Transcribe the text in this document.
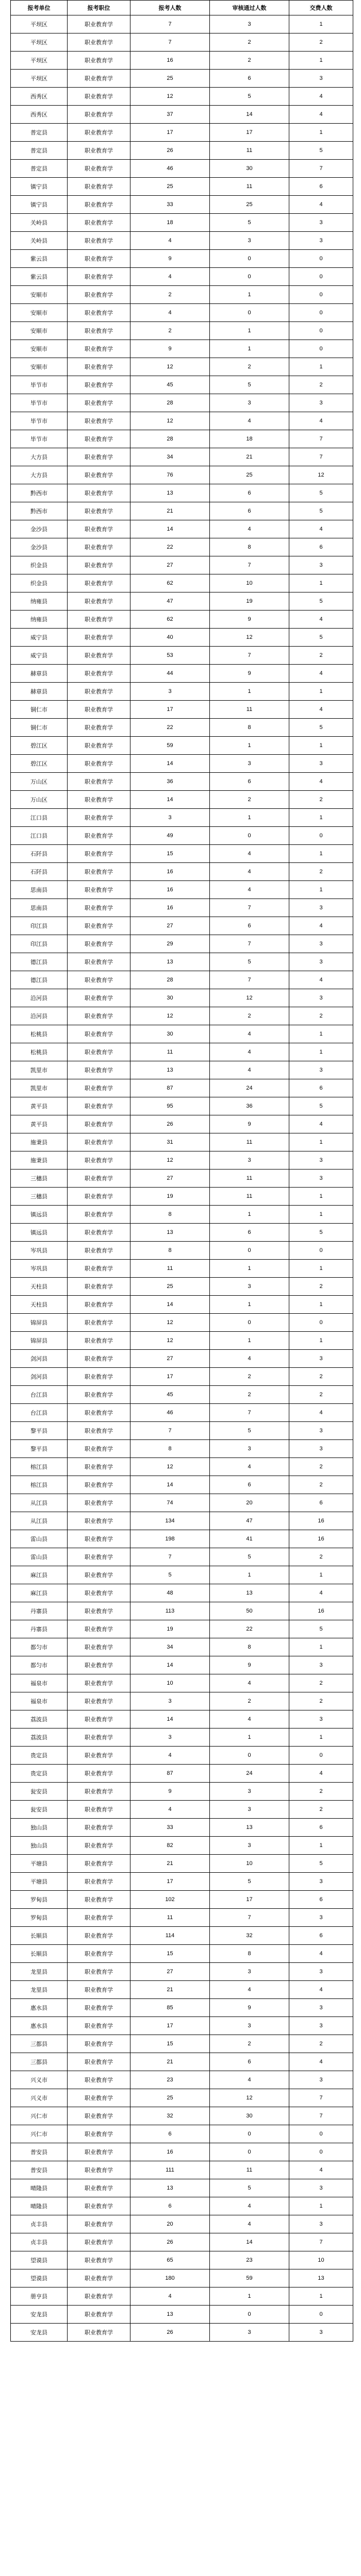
报考单位	报考职位	报考人数	审核通过人数	交费人数
平坝区	职业教育学	7	3	1
平坝区	职业教育学	7	2	2
平坝区	职业教育学	16	2	1
平坝区	职业教育学	25	6	3
西秀区	职业教育学	12	5	4
西秀区	职业教育学	37	14	4
普定县	职业教育学	17	17	1
普定县	职业教育学	26	11	5
普定县	职业教育学	46	30	7
镇宁县	职业教育学	25	11	6
镇宁县	职业教育学	33	25	4
关岭县	职业教育学	18	5	3
关岭县	职业教育学	4	3	3
紫云县	职业教育学	9	0	0
紫云县	职业教育学	4	0	0
安顺市	职业教育学	2	1	0
安顺市	职业教育学	4	0	0
安顺市	职业教育学	2	1	0
安顺市	职业教育学	9	1	0
安顺市	职业教育学	12	2	1
毕节市	职业教育学	45	5	2
毕节市	职业教育学	28	3	3
毕节市	职业教育学	12	4	4
毕节市	职业教育学	28	18	7
大方县	职业教育学	34	21	7
大方县	职业教育学	76	25	12
黔西市	职业教育学	13	6	5
黔西市	职业教育学	21	6	5
金沙县	职业教育学	14	4	4
金沙县	职业教育学	22	8	6
织金县	职业教育学	27	7	3
织金县	职业教育学	62	10	1
纳雍县	职业教育学	47	19	5
纳雍县	职业教育学	62	9	4
威宁县	职业教育学	40	12	5
威宁县	职业教育学	53	7	2
赫章县	职业教育学	44	9	4
赫章县	职业教育学	3	1	1
铜仁市	职业教育学	17	11	4
铜仁市	职业教育学	22	8	5
碧江区	职业教育学	59	1	1
碧江区	职业教育学	14	3	3
万山区	职业教育学	36	6	4
万山区	职业教育学	14	2	2
江口县	职业教育学	3	1	1
江口县	职业教育学	49	0	0
石阡县	职业教育学	15	4	1
石阡县	职业教育学	16	4	2
思南县	职业教育学	16	4	1
思南县	职业教育学	16	7	3
印江县	职业教育学	27	6	4
印江县	职业教育学	29	7	3
德江县	职业教育学	13	5	3
德江县	职业教育学	28	7	4
沿河县	职业教育学	30	12	3
沿河县	职业教育学	12	2	2
松桃县	职业教育学	30	4	1
松桃县	职业教育学	11	4	1
凯里市	职业教育学	13	4	3
凯里市	职业教育学	87	24	6
黄平县	职业教育学	95	36	5
黄平县	职业教育学	26	9	4
施秉县	职业教育学	31	11	1
施秉县	职业教育学	12	3	3
三穗县	职业教育学	27	11	3
三穗县	职业教育学	19	11	1
镇远县	职业教育学	8	1	1
镇远县	职业教育学	13	6	5
岑巩县	职业教育学	8	0	0
岑巩县	职业教育学	11	1	1
天柱县	职业教育学	25	3	2
天柱县	职业教育学	14	1	1
锦屏县	职业教育学	12	0	0
锦屏县	职业教育学	12	1	1
剑河县	职业教育学	27	4	3
剑河县	职业教育学	17	2	2
台江县	职业教育学	45	2	2
台江县	职业教育学	46	7	4
黎平县	职业教育学	7	5	3
黎平县	职业教育学	8	3	3
榕江县	职业教育学	12	4	2
榕江县	职业教育学	14	6	2
从江县	职业教育学	74	20	6
从江县	职业教育学	134	47	16
雷山县	职业教育学	198	41	16
雷山县	职业教育学	7	5	2
麻江县	职业教育学	5	1	1
麻江县	职业教育学	48	13	4
丹寨县	职业教育学	113	50	16
丹寨县	职业教育学	19	22	5
都匀市	职业教育学	34	8	1
都匀市	职业教育学	14	9	3
福泉市	职业教育学	10	4	2
福泉市	职业教育学	3	2	2
荔波县	职业教育学	14	4	3
荔波县	职业教育学	3	1	1
贵定县	职业教育学	4	0	0
贵定县	职业教育学	87	24	4
瓮安县	职业教育学	9	3	2
瓮安县	职业教育学	4	3	2
独山县	职业教育学	33	13	6
独山县	职业教育学	82	3	1
平塘县	职业教育学	21	10	5
平塘县	职业教育学	17	5	3
罗甸县	职业教育学	102	17	6
罗甸县	职业教育学	11	7	3
长顺县	职业教育学	114	32	6
长顺县	职业教育学	15	8	4
龙里县	职业教育学	27	3	3
龙里县	职业教育学	21	4	4
惠水县	职业教育学	85	9	3
惠水县	职业教育学	17	3	3
三都县	职业教育学	15	2	2
三都县	职业教育学	21	6	4
兴义市	职业教育学	23	4	3
兴义市	职业教育学	25	12	7
兴仁市	职业教育学	32	30	7
兴仁市	职业教育学	6	0	0
普安县	职业教育学	16	0	0
普安县	职业教育学	111	11	4
晴隆县	职业教育学	13	5	3
晴隆县	职业教育学	6	4	1
贞丰县	职业教育学	20	4	3
贞丰县	职业教育学	26	14	7
望谟县	职业教育学	65	23	10
望谟县	职业教育学	180	59	13
册亨县	职业教育学	4	1	1
安龙县	职业教育学	13	0	0
安龙县	职业教育学	26	3	3
